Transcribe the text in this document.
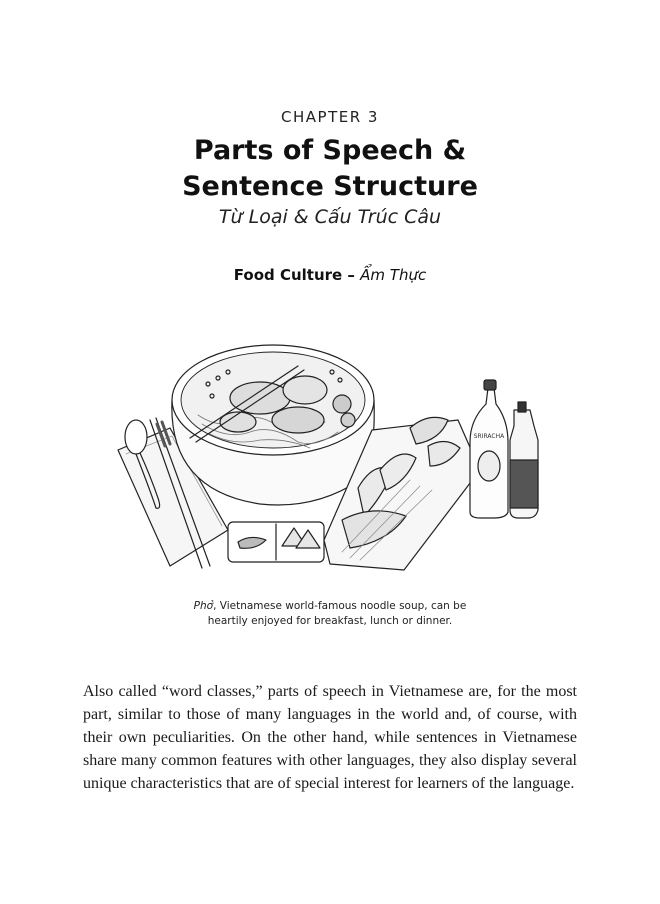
CHAPTER 3
Parts of Speech &
Sentence Structure
Từ Loại & Cấu Trúc Câu
Food Culture – Ẩm Thực
SRIRACHA
Phở, Vietnamese world-famous noodle soup, can be
heartily enjoyed for breakfast, lunch or dinner.

Also called “word classes,” parts of speech in Vietnamese are, for the most part, similar to those of many languages in the world and, of course, with their own peculiarities. On the other hand, while sentences in Vietnamese share many common features with other languages, they also display several unique characteristics that are of special interest for learners of the language.
